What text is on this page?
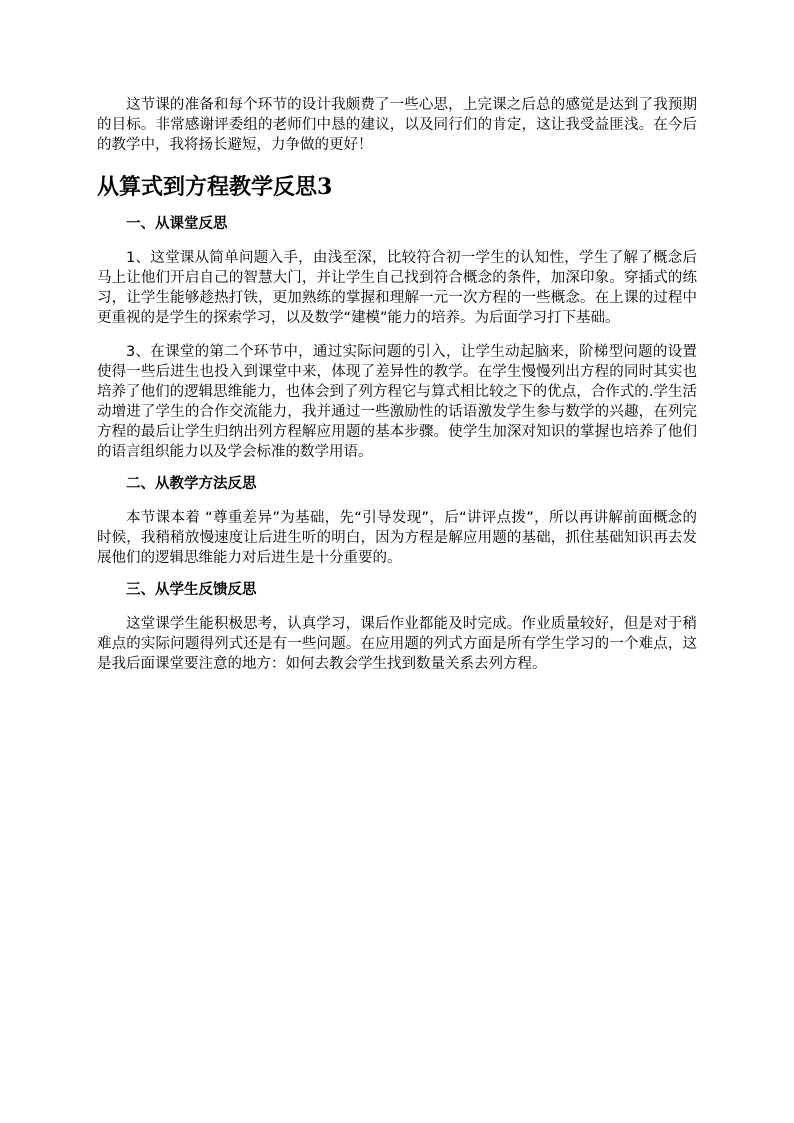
这节课的准备和每个环节的设计我颇费了一些心思，上完课之后总的感觉是达到了我预期的目标。非常感谢评委组的老师们中恳的建议，以及同行们的肯定，这让我受益匪浅。在今后的教学中，我将扬长避短，力争做的更好！

从算式到方程教学反思3
一、从课堂反思

1、这堂课从简单问题入手，由浅至深，比较符合初一学生的认知性，学生了解了概念后马上让他们开启自己的智慧大门，并让学生自己找到符合概念的条件，加深印象。穿插式的练习，让学生能够趁热打铁，更加熟练的掌握和理解一元一次方程的一些概念。在上课的过程中更重视的是学生的探索学习，以及数学“建模”能力的培养。为后面学习打下基础。

3、在课堂的第二个环节中，通过实际问题的引入，让学生动起脑来，阶梯型问题的设置使得一些后进生也投入到课堂中来，体现了差异性的教学。在学生慢慢列出方程的同时其实也培养了他们的逻辑思维能力，也体会到了列方程它与算式相比较之下的优点，合作式的.学生活动增进了学生的合作交流能力，我并通过一些激励性的话语激发学生参与数学的兴趣，在列完方程的最后让学生归纳出列方程解应用题的基本步骤。使学生加深对知识的掌握也培养了他们的语言组织能力以及学会标准的数学用语。

二、从教学方法反思

本节课本着 “尊重差异”为基础，先“引导发现”，后“讲评点拨”，所以再讲解前面概念的时候，我稍稍放慢速度让后进生听的明白，因为方程是解应用题的基础，抓住基础知识再去发展他们的逻辑思维能力对后进生是十分重要的。

三、从学生反馈反思

这堂课学生能积极思考，认真学习，课后作业都能及时完成。作业质量较好，但是对于稍难点的实际问题得列式还是有一些问题。在应用题的列式方面是所有学生学习的一个难点，这是我后面课堂要注意的地方：如何去教会学生找到数量关系去列方程。
